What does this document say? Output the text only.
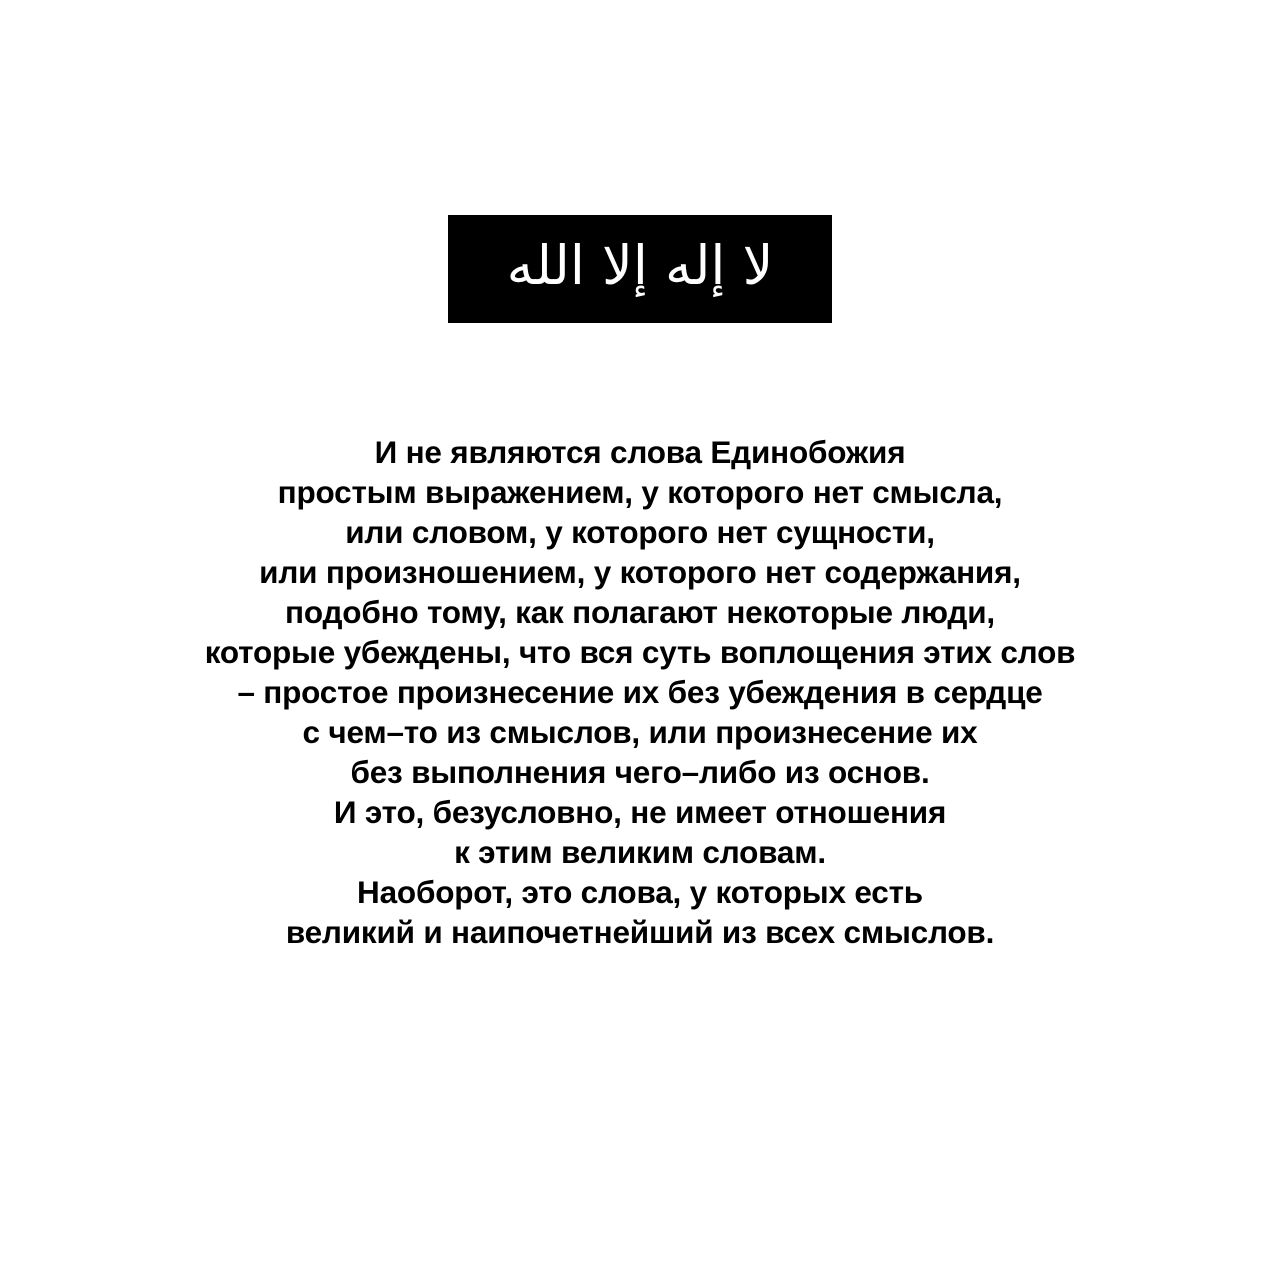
لا إله إلا الله
И не являются слова Единобожия
простым выражением, у которого нет смысла,
или словом, у которого нет сущности,
или произношением, у которого нет содержания,
подобно тому, как полагают некоторые люди,
которые убеждены, что вся суть воплощения этих слов
– простое произнесение их без убеждения в сердце
с чем–то из смыслов, или произнесение их
без выполнения чего–либо из основ.
И это, безусловно, не имеет отношения
к этим великим словам.
Наоборот, это слова, у которых есть
великий и наипочетнейший из всех смыслов.
